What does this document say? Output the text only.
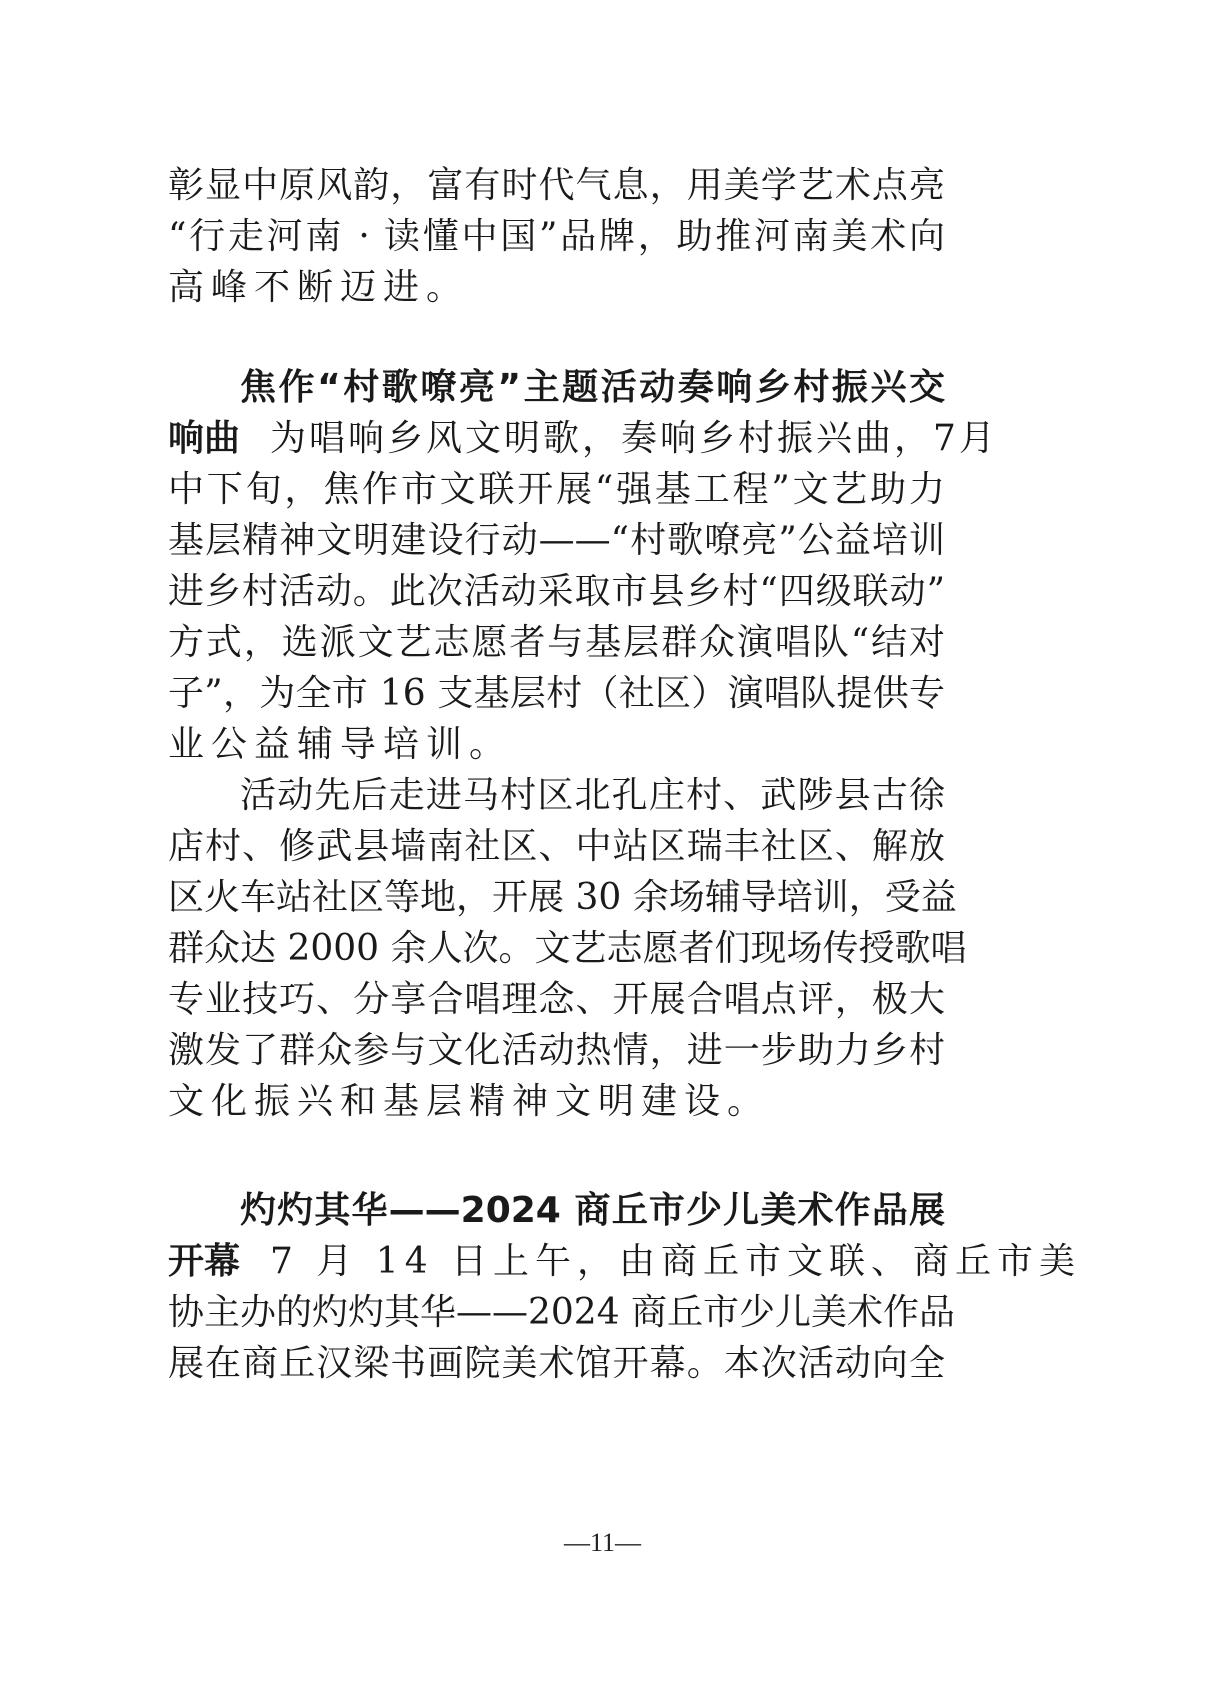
彰显中原风韵，富有时代气息，用美学艺术点亮
“行走河南 · 读懂中国”品牌，助推河南美术向
高峰不断迈进。
焦作“村歌嘹亮”主题活动奏响乡村振兴交
响曲 为唱响乡风文明歌，奏响乡村振兴曲，7月
中下旬，焦作市文联开展“强基工程”文艺助力
基层精神文明建设行动——“村歌嘹亮”公益培训
进乡村活动。此次活动采取市县乡村“四级联动”
方式，选派文艺志愿者与基层群众演唱队“结对
子”，为全市 16 支基层村（社区）演唱队提供专
业公益辅导培训。
活动先后走进马村区北孔庄村、武陟县古徐
店村、修武县墙南社区、中站区瑞丰社区、解放
区火车站社区等地，开展 30 余场辅导培训，受益
群众达 2000 余人次。文艺志愿者们现场传授歌唱
专业技巧、分享合唱理念、开展合唱点评，极大
激发了群众参与文化活动热情，进一步助力乡村
文化振兴和基层精神文明建设。
灼灼其华——2024 商丘市少儿美术作品展
开幕 7 月 14 日上午，由商丘市文联、商丘市美
协主办的灼灼其华——2024 商丘市少儿美术作品
展在商丘汉梁书画院美术馆开幕。本次活动向全
—11—
